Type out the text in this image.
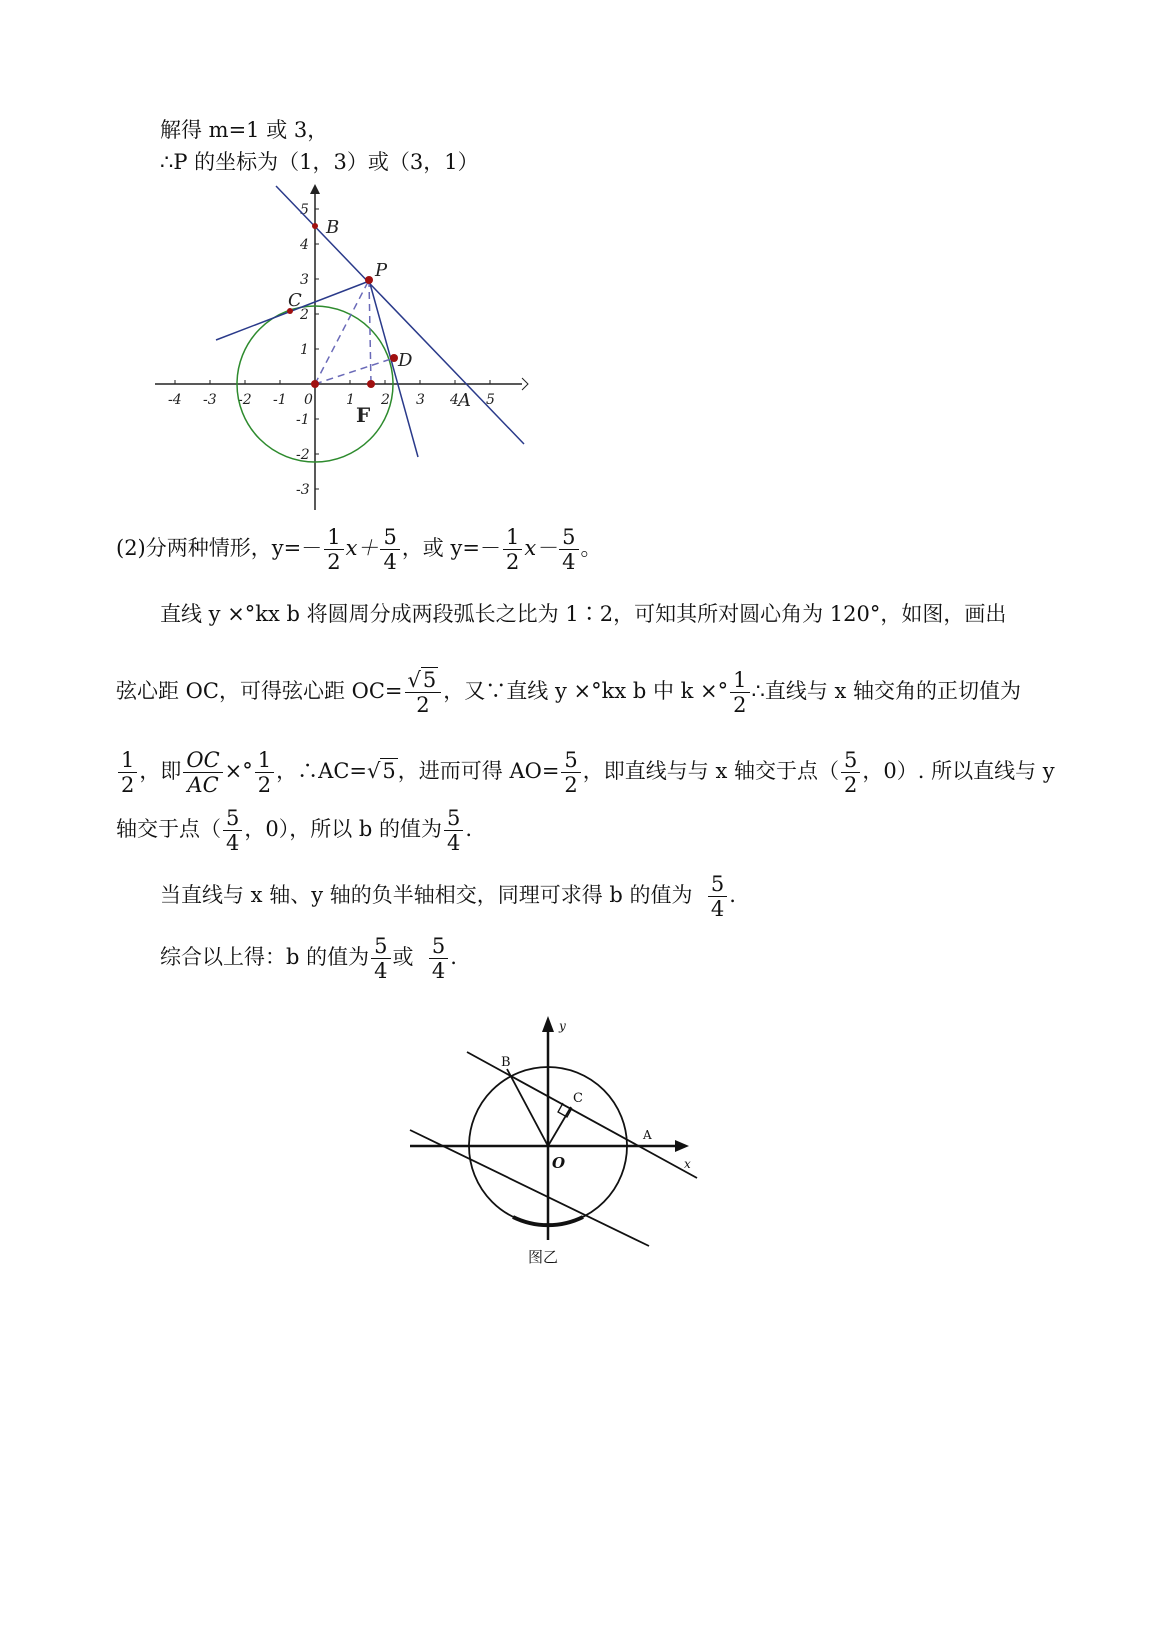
解得 m=1 或 3，
∴P 的坐标为（1，3）或（3，1）
-4 -3 -2 -1 0 1 2 3 4 5
5
4
3
2
1
-1
-2
-3
B
P
C
D
A
F
(2)分两种情形，$y=- \frac{1}{2} x+ \frac{5}{4}$ ，或 $y=- \frac{1}{2} x- \frac{5}{4}$ 。
直线 y ×°kx b 将圆周分成两段弧长之比为 1∶2，可知其所对圆心角为 120°，如图，画出
弦心距 OC，可得弦心距 $OC= \frac{√5}{2}$ ，又∵直线 y ×°kx b 中 k ×° $\frac{1}{2}$ ∴直线与 x 轴交角的正切值为
$\frac{1}{2}$ ，即 $\frac{OC}{AC}$ ×° $\frac{1}{2}$ ，∴AC=√5，进而可得 $AO= \frac{5}{2}$ ，即直线与与 x 轴交于点（ $\frac{5}{2}$ ，0）. 所以直线与 y
轴交于点（ $\frac{5}{4}$ ，0），所以 b 的值为 $\frac{5}{4}$ .
当直线与 x 轴、y 轴的负半轴相交，同理可求得 b 的值为 $\frac{5}{4}$ .
综合以上得：b 的值为 $\frac{5}{4}$ 或 $\frac{5}{4}$ .
B
C
A
x
y
O
图乙
